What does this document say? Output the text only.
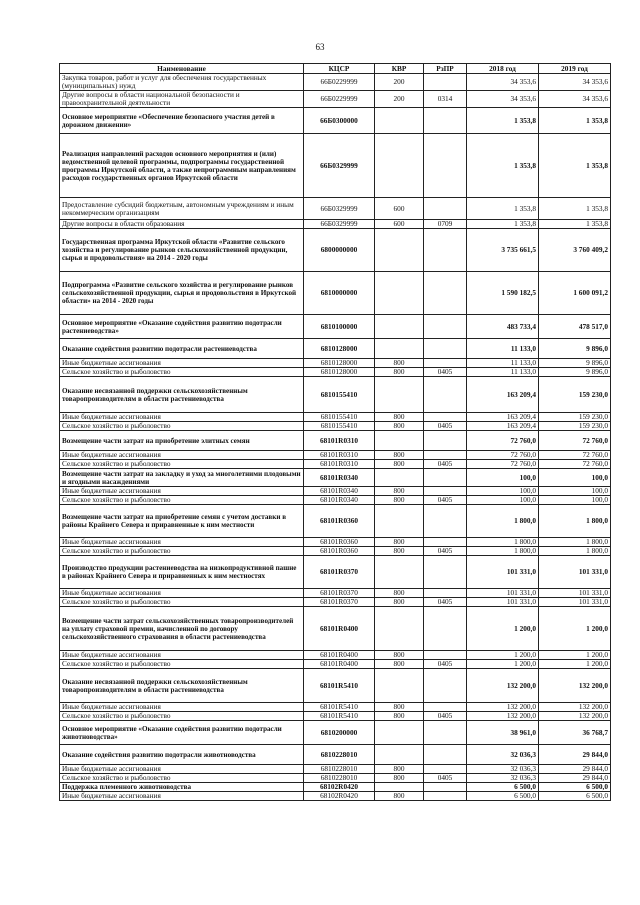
63
Наименование	КЦСР	КВР	РзПР	2018 год	2019 год
Закупка товаров, работ и услуг для обеспечения государственных (муниципальных) нужд	66Б0229999	200		34 353,6	34 353,6
Другие вопросы в области национальной безопасности и правоохранительной деятельности	66Б0229999	200	0314	34 353,6	34 353,6
Основное мероприятие «Обеспечение безопасного участия детей в дорожном движении»	66Б0300000			1 353,8	1 353,8
Реализация направлений расходов основного мероприятия и (или) ведомственной целевой программы, подпрограммы государственной программы Иркутской области, а также непрограммным направлениям расходов государственных органов Иркутской области	66Б0329999			1 353,8	1 353,8
Предоставление субсидий бюджетным, автономным учреждениям и иным некоммерческим организациям	66Б0329999	600		1 353,8	1 353,8
Другие вопросы в области образования	66Б0329999	600	0709	1 353,8	1 353,8
Государственная программа Иркутской области «Развитие сельского хозяйства и регулирование рынков сельскохозяйственной продукции, сырья и продовольствия» на 2014 - 2020 годы	6800000000			3 735 661,5	3 760 409,2
Подпрограмма «Развитие сельского хозяйства и регулирование рынков сельскохозяйственной продукции, сырья и продовольствия в Иркутской области» на 2014 - 2020 годы	6810000000			1 590 182,5	1 600 091,2
Основное мероприятие «Оказание содействия развитию подотрасли растениеводства»	6810100000			483 733,4	478 517,0
Оказание содействия развитию подотрасли растениеводства	6810128000			11 133,0	9 896,0
Иные бюджетные ассигнования	6810128000	800		11 133,0	9 896,0
Сельское хозяйство и рыболовство	6810128000	800	0405	11 133,0	9 896,0
Оказание несвязанной поддержки сельскохозяйственным товаропроизводителям в области растениеводства	6810155410			163 209,4	159 230,0
Иные бюджетные ассигнования	6810155410	800		163 209,4	159 230,0
Сельское хозяйство и рыболовство	6810155410	800	0405	163 209,4	159 230,0
Возмещение части затрат на приобретение элитных семян	68101R0310			72 760,0	72 760,0
Иные бюджетные ассигнования	68101R0310	800		72 760,0	72 760,0
Сельское хозяйство и рыболовство	68101R0310	800	0405	72 760,0	72 760,0
Возмещение части затрат на закладку и уход за многолетними плодовыми и ягодными насаждениями	68101R0340			100,0	100,0
Иные бюджетные ассигнования	68101R0340	800		100,0	100,0
Сельское хозяйство и рыболовство	68101R0340	800	0405	100,0	100,0
Возмещение части затрат на приобретение семян с учетом доставки в районы Крайнего Севера и приравненные к ним местности	68101R0360			1 800,0	1 800,0
Иные бюджетные ассигнования	68101R0360	800		1 800,0	1 800,0
Сельское хозяйство и рыболовство	68101R0360	800	0405	1 800,0	1 800,0
Производство продукции растениеводства на низкопродуктивной пашне в районах Крайнего Севера и приравненных к ним местностях	68101R0370			101 331,0	101 331,0
Иные бюджетные ассигнования	68101R0370	800		101 331,0	101 331,0
Сельское хозяйство и рыболовство	68101R0370	800	0405	101 331,0	101 331,0
Возмещение части затрат сельскохозяйственных товаропроизводителей на уплату страховой премии, начисленной по договору сельскохозяйственного страхования в области растениеводства	68101R0400			1 200,0	1 200,0
Иные бюджетные ассигнования	68101R0400	800		1 200,0	1 200,0
Сельское хозяйство и рыболовство	68101R0400	800	0405	1 200,0	1 200,0
Оказание несвязанной поддержки сельскохозяйственным товаропроизводителям в области растениеводства	68101R5410			132 200,0	132 200,0
Иные бюджетные ассигнования	68101R5410	800		132 200,0	132 200,0
Сельское хозяйство и рыболовство	68101R5410	800	0405	132 200,0	132 200,0
Основное мероприятие «Оказание содействия развитию подотрасли животноводства»	6810200000			38 961,0	36 768,7
Оказание содействия развитию подотрасли животноводства	6810228010			32 036,3	29 844,0
Иные бюджетные ассигнования	6810228010	800		32 036,3	29 844,0
Сельское хозяйство и рыболовство	6810228010	800	0405	32 036,3	29 844,0
Поддержка племенного животноводства	68102R0420			6 500,0	6 500,0
Иные бюджетные ассигнования	68102R0420	800		6 500,0	6 500,0
